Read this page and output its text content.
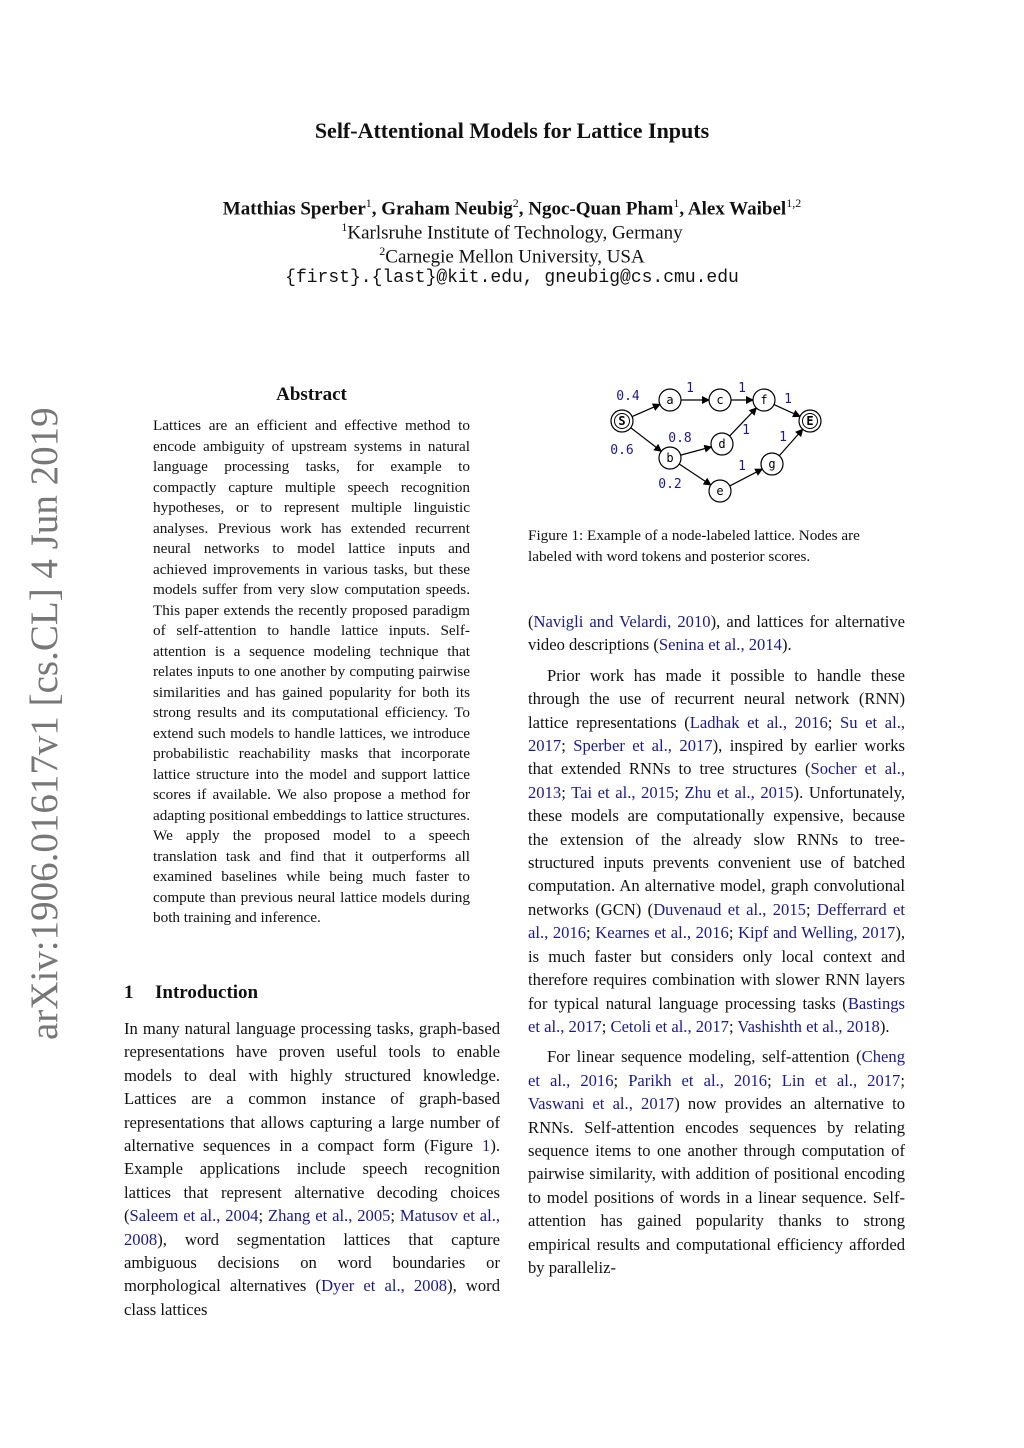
arXiv:1906.01617v1 [cs.CL] 4 Jun 2019
Self-Attentional Models for Lattice Inputs
Matthias Sperber$^1$, Graham Neubig$^2$, Ngoc-Quan Pham$^1$, Alex Waibel$^{1,2}$
$^1$Karlsruhe Institute of Technology, Germany
$^2$Carnegie Mellon University, USA
{first}.{last}@kit.edu, gneubig@cs.cmu.edu
Abstract
Lattices are an efficient and effective method to encode ambiguity of upstream systems in natural language processing tasks, for example to compactly capture multiple speech recognition hypotheses, or to represent multiple linguistic analyses. Previous work has extended recurrent neural networks to model lattice inputs and achieved improvements in various tasks, but these models suffer from very slow computation speeds. This paper extends the recently proposed paradigm of self-attention to handle lattice inputs. Self-attention is a sequence modeling technique that relates inputs to one another by computing pairwise similarities and has gained popularity for both its strong results and its computational efficiency. To extend such models to handle lattices, we introduce probabilistic reachability masks that incorporate lattice structure into the model and support lattice scores if available. We also propose a method for adapting positional embeddings to lattice structures. We apply the proposed model to a speech translation task and find that it outperforms all examined baselines while being much faster to compute than previous neural lattice models during both training and inference.
1 Introduction

In many natural language processing tasks, graph-based representations have proven useful tools to enable models to deal with highly structured knowledge. Lattices are a common instance of graph-based representations that allows capturing a large number of alternative sequences in a compact form (Figure 1). Example applications include speech recognition lattices that represent alternative decoding choices (Saleem et al., 2004; Zhang et al., 2005; Matusov et al., 2008), word segmentation lattices that capture ambiguous decisions on word boundaries or morphological alternatives (Dyer et al., 2008), word class lattices

S
a
b
c
d
e
f
g
E
0.4
0.6
1	1
0.8
1
1
0.2
1
1
Figure 1: Example of a node-labeled lattice. Nodes are labeled with word tokens and posterior scores.

(Navigli and Velardi, 2010), and lattices for alternative video descriptions (Senina et al., 2014).

Prior work has made it possible to handle these through the use of recurrent neural network (RNN) lattice representations (Ladhak et al., 2016; Su et al., 2017; Sperber et al., 2017), inspired by earlier works that extended RNNs to tree structures (Socher et al., 2013; Tai et al., 2015; Zhu et al., 2015). Unfortunately, these models are computationally expensive, because the extension of the already slow RNNs to tree-structured inputs prevents convenient use of batched computation. An alternative model, graph convolutional networks (GCN) (Duvenaud et al., 2015; Defferrard et al., 2016; Kearnes et al., 2016; Kipf and Welling, 2017), is much faster but considers only local context and therefore requires combination with slower RNN layers for typical natural language processing tasks (Bastings et al., 2017; Cetoli et al., 2017; Vashishth et al., 2018).

For linear sequence modeling, self-attention (Cheng et al., 2016; Parikh et al., 2016; Lin et al., 2017; Vaswani et al., 2017) now provides an alternative to RNNs. Self-attention encodes sequences by relating sequence items to one another through computation of pairwise similarity, with addition of positional encoding to model positions of words in a linear sequence. Self-attention has gained popularity thanks to strong empirical results and computational efficiency afforded by paralleliz-
